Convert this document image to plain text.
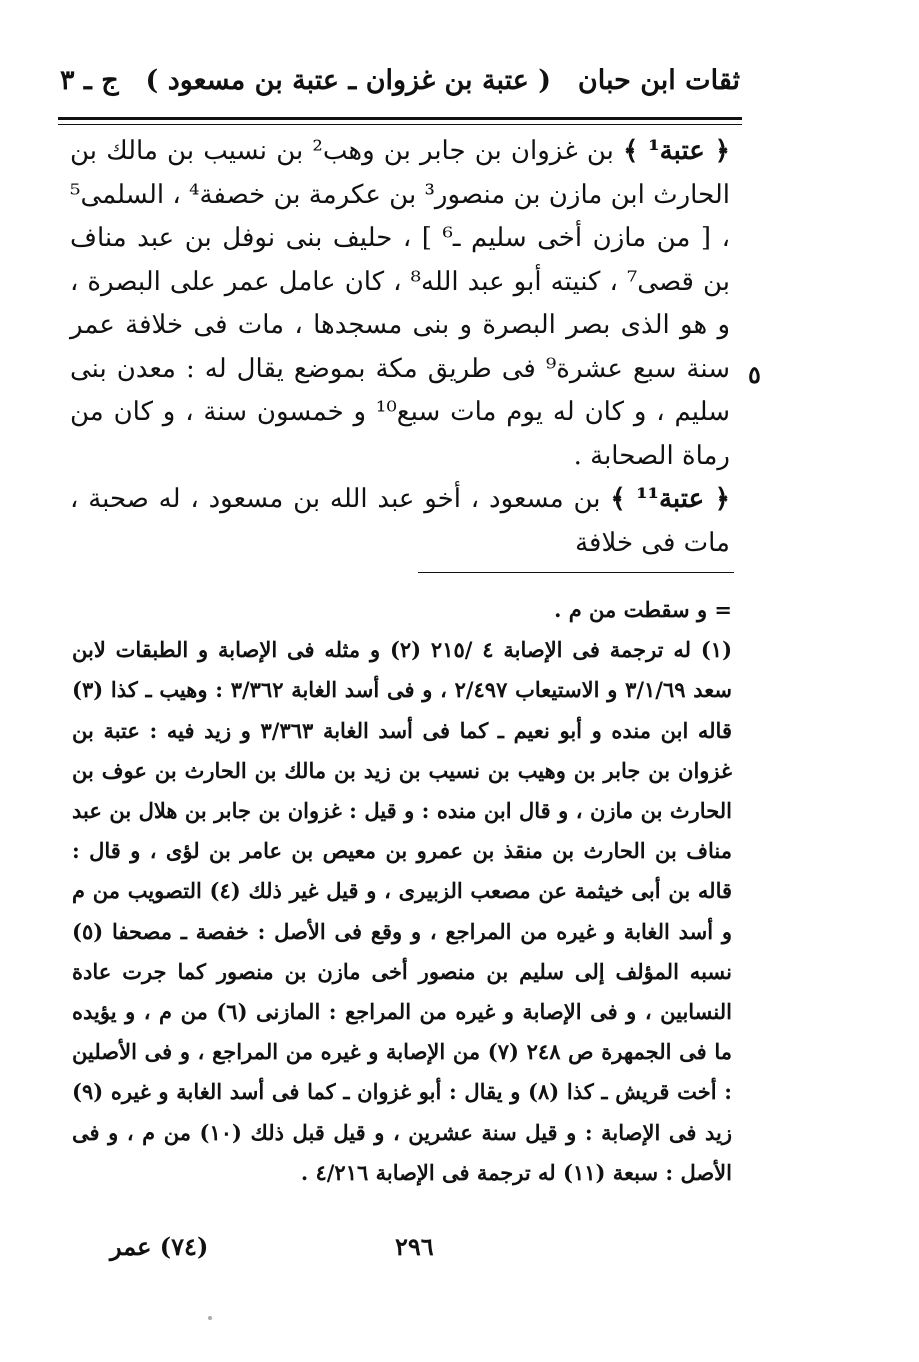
ثقات ابن حبان
( عتبة بن غزوان ـ عتبة بن مسعود )
ج ـ ٣

﴿ عتبة¹ ﴾ بن غزوان بن جابر بن وهب² بن نسيب بن مالك بن الحارث ابن مازن بن منصور³ بن عكرمة بن خصفة⁴ ، السلمى⁵ ، [ من مازن أخى سليم ـ⁶ ] ، حليف بنى نوفل بن عبد مناف بن قصى⁷ ، كنيته أبو عبد الله⁸ ، كان عامل عمر على البصرة ، و هو الذى بصر البصرة و بنى مسجدها ، مات فى خلافة عمر سنة سبع عشرة⁹ فى طريق مكة بموضع يقال له : معدن بنى سليم ، و كان له يوم مات سبع¹⁰ و خمسون سنة ، و كان من رماة الصحابة .

﴿ عتبة¹¹ ﴾ بن مسعود ، أخو عبد الله بن مسعود ، له صحبة ، مات فى خلافة

٥

= و سقطت من م .

(١) له ترجمة فى الإصابة ٤ /٢١٥ (٢) و مثله فى الإصابة و الطبقات لابن سعد ٣/١/٦٩ و الاستيعاب ٢/٤٩٧ ، و فى أسد الغابة ٣/٣٦٢ : وهيب ـ كذا (٣) قاله ابن منده و أبو نعيم ـ كما فى أسد الغابة ٣/٣٦٣ و زيد فيه : عتبة بن غزوان بن جابر بن وهيب بن نسيب بن زيد بن مالك بن الحارث بن عوف بن الحارث بن مازن ، و قال ابن منده : و قيل : غزوان بن جابر بن هلال بن عبد مناف بن الحارث بن منقذ بن عمرو بن معيص بن عامر بن لؤى ، و قال : قاله بن أبى خيثمة عن مصعب الزبيرى ، و قيل غير ذلك (٤) التصويب من م و أسد الغابة و غيره من المراجع ، و وقع فى الأصل : خفصة ـ مصحفا (٥) نسبه المؤلف إلى سليم بن منصور أخى مازن بن منصور كما جرت عادة النسابين ، و فى الإصابة و غيره من المراجع : المازنى (٦) من م ، و يؤيده ما فى الجمهرة ص ٢٤٨ (٧) من الإصابة و غيره من المراجع ، و فى الأصلين : أخت قريش ـ كذا (٨) و يقال : أبو غزوان ـ كما فى أسد الغابة و غيره (٩) زيد فى الإصابة : و قيل سنة عشرين ، و قيل قبل ذلك (١٠) من م ، و فى الأصل : سبعة (١١) له ترجمة فى الإصابة ٤/٢١٦ .

٢٩٦
(٧٤) عمر
